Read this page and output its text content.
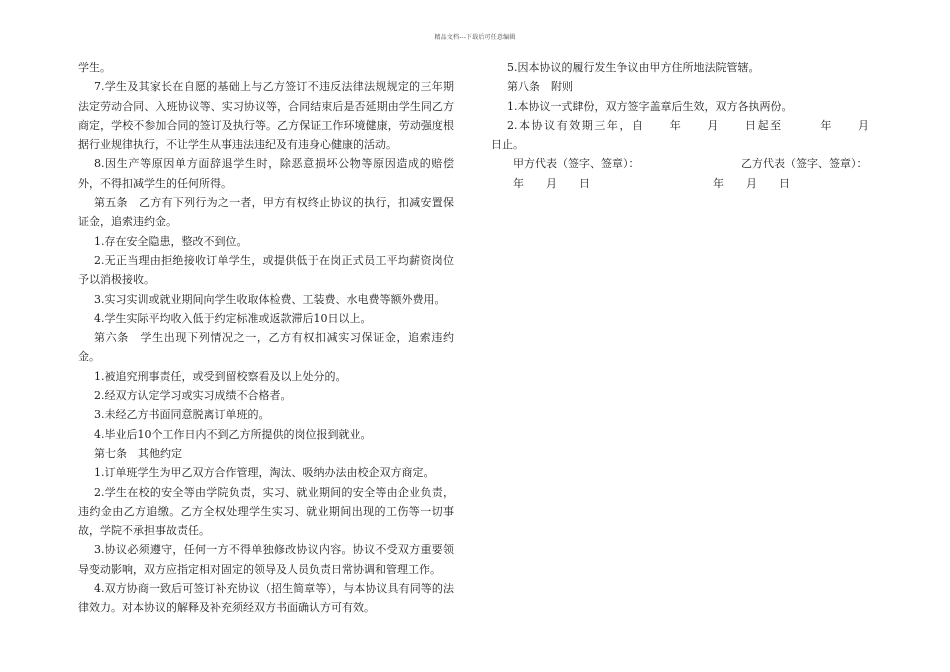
精品文档---下载后可任意编辑

学生。

7.学生及其家长在自愿的基础上与乙方签订不违反法律法规规定的三年期法定劳动合同、入班协议等、实习协议等，合同结束后是否延期由学生同乙方商定，学校不参加合同的签订及执行等。乙方保证工作环境健康，劳动强度根据行业规律执行，不让学生从事违法违纪及有违身心健康的活动。

8.因生产等原因单方面辞退学生时，除恶意损坏公物等原因造成的赔偿外，不得扣减学生的任何所得。

第五条　乙方有下列行为之一者，甲方有权终止协议的执行，扣减安置保证金，追索违约金。

1.存在安全隐患，整改不到位。

2.无正当理由拒绝接收订单学生，或提供低于在岗正式员工平均薪资岗位予以消极接收。

3.实习实训或就业期间向学生收取体检费、工装费、水电费等额外费用。

4.学生实际平均收入低于约定标准或返款滞后10日以上。

第六条　学生出现下列情况之一，乙方有权扣减实习保证金，追索违约金。

1.被追究刑事责任，或受到留校察看及以上处分的。

2.经双方认定学习或实习成绩不合格者。

3.未经乙方书面同意脱离订单班的。

4.毕业后10个工作日内不到乙方所提供的岗位报到就业。

第七条　其他约定

1.订单班学生为甲乙双方合作管理，淘汰、吸纳办法由校企双方商定。

2.学生在校的安全等由学院负责，实习、就业期间的安全等由企业负责，违约金由乙方追缴。乙方全权处理学生实习、就业期间出现的工伤等一切事故，学院不承担事故责任。

3.协议必须遵守，任何一方不得单独修改协议内容。协议不受双方重要领导变动影响，双方应指定相对固定的领导及人员负责日常协调和管理工作。

4.双方协商一致后可签订补充协议（招生简章等），与本协议具有同等的法律效力。对本协议的解释及补充须经双方书面确认方可有效。

5.因本协议的履行发生争议由甲方住所地法院管辖。

第八条　附则

1.本协议一式肆份，双方签字盖章后生效，双方各执两份。

2.本协议有效期三年，自　　年　　月　　日起至　　　年　　月　　　日止。

甲方代表（签字、签章）：	乙方代表（签字、签章）：
年　　月　　日	年　　月　　日
